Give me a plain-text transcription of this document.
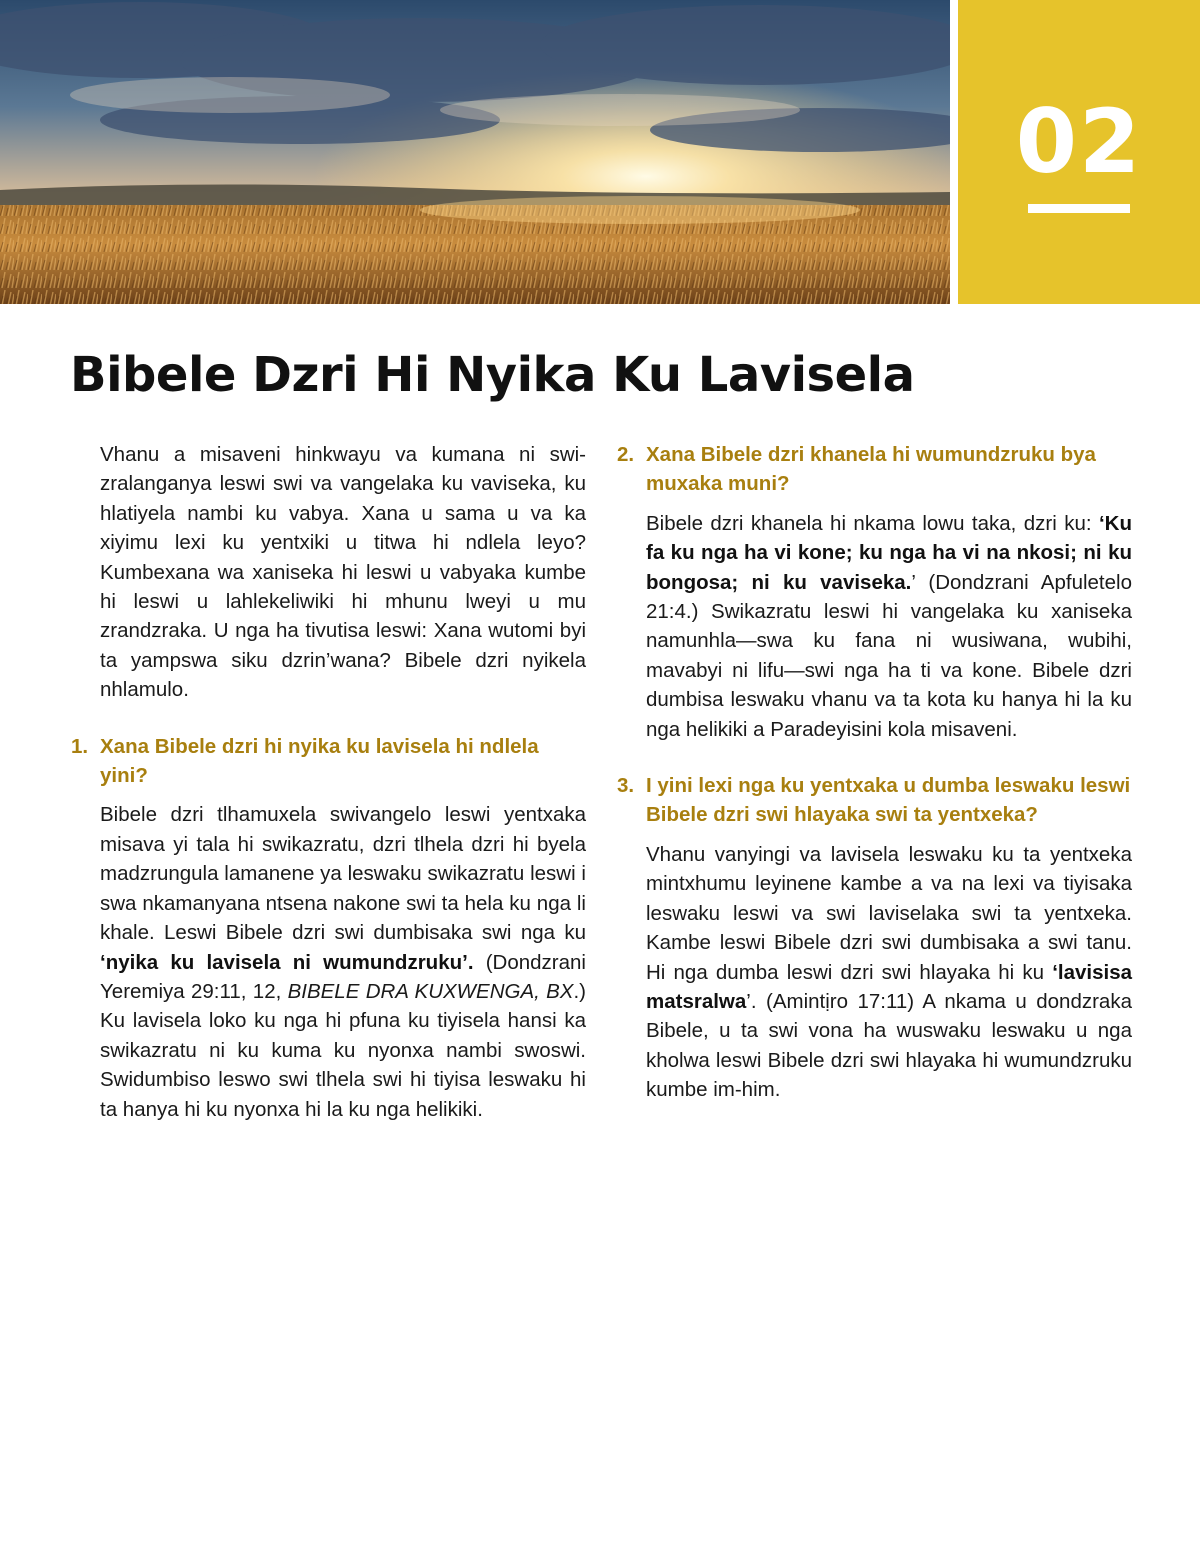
02
Bibele Dzri Hi Nyika Ku Lavisela

Vhanu a misaveni hinkwayu va kumana ni swizralanganya leswi swi va vangelaka ku vaviseka, ku hlatiyela nambi ku vabya. Xana u sama u va ka xiyimu lexi ku yentxiki u titwa hi ndlela leyo? Kumbexana wa xaniseka hi leswi u vabyaka kumbe hi leswi u lahlekeliwiki hi mhunu lweyi u mu zrandzraka. U nga ha tivutisa leswi: Xana wutomi byi ta yampswa siku dzrin’wana? Bibele dzri nyikela nhlamulo.

1. Xana Bibele dzri hi nyika ku lavisela hi ndlela yini?

Bibele dzri tlhamuxela swivangelo leswi yentxaka misava yi tala hi swikazratu, dzri tlhela dzri hi byela madzrungula lamanene ya leswaku swikazratu leswi i swa nkamanyana ntsena nakone swi ta hela ku nga li khale. Leswi Bibele dzri swi dumbisaka swi nga ku ‘nyika ku lavisela ni wumundzruku’. (Dondzrani Yeremiya 29:11, 12, BIBELE DRA KUXWENGA, BX.) Ku lavisela loko ku nga hi pfuna ku tiyisela hansi ka swikazratu ni ku kuma ku nyonxa nambi swoswi. Swidumbiso leswo swi tlhela swi hi tiyisa leswaku hi ta hanya hi ku nyonxa hi la ku nga helikiki.

2. Xana Bibele dzri khanela hi wumundzruku bya muxaka muni?

Bibele dzri khanela hi nkama lowu taka, dzri ku: ‘Ku fa ku nga ha vi kone; ku nga ha vi na nkosi; ni ku bongosa; ni ku vaviseka.’ (Dondzrani Apfuletelo 21:4.) Swikazratu leswi hi vangelaka ku xaniseka namunhla—swa ku fana ni wusiwana, wubihi, mavabyi ni lifu—swi nga ha ti va kone. Bibele dzri dumbisa leswaku vhanu va ta kota ku hanya hi la ku nga helikiki a Paradeyisini kola misaveni.

3. I yini lexi nga ku yentxaka u dumba leswaku leswi Bibele dzri swi hlayaka swi ta yentxeka?

Vhanu vanyingi va lavisela leswaku ku ta yentxeka mintxhumu leyinene kambe a va na lexi va tiyisaka leswaku leswi va swi laviselaka swi ta yentxeka. Kambe leswi Bibele dzri swi dumbisaka a swi tanu. Hi nga dumba leswi dzri swi hlayaka hi ku ‘lavisisa matsralwa’. (Amintịro 17:11) A nkama u dondzraka Bibele, u ta swi vona ha wuswaku leswaku u nga kholwa leswi Bibele dzri swi hlayaka hi wumundzruku kumbe im-him.
